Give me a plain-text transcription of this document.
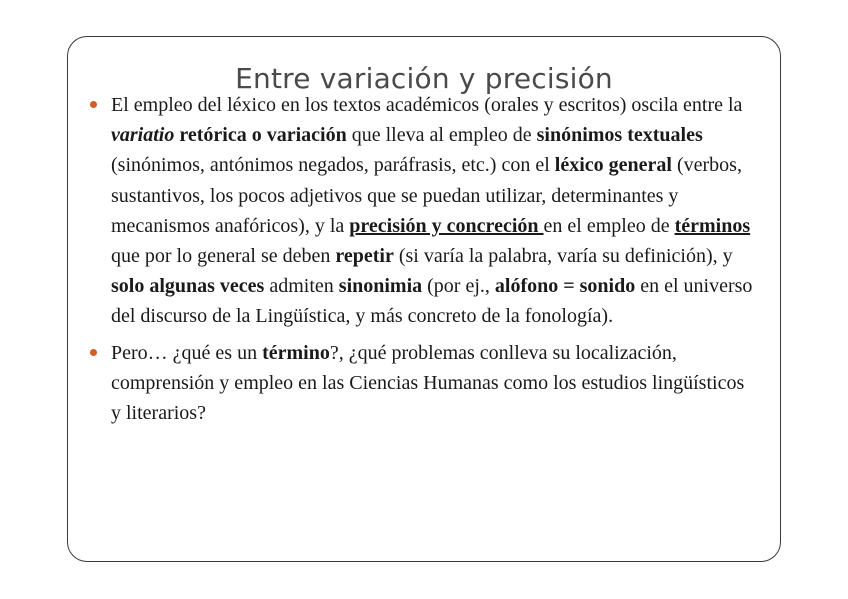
Entre variación y precisión
El empleo del léxico en los textos académicos (orales y escritos) oscila entre la variatio retórica o variación que lleva al empleo de sinónimos textuales (sinónimos, antónimos negados, paráfrasis, etc.) con el léxico general (verbos, sustantivos, los pocos adjetivos que se puedan utilizar, determinantes y mecanismos anafóricos), y la precisión y concreción en el empleo de términos que por lo general se deben repetir (si varía la palabra, varía su definición), y solo algunas veces admiten sinonimia (por ej., alófono = sonido en el universo del discurso de la Lingüística, y más concreto de la fonología).
Pero… ¿qué es un término?, ¿qué problemas conlleva su localización, comprensión y empleo en las Ciencias Humanas como los estudios lingüísticos y literarios?
